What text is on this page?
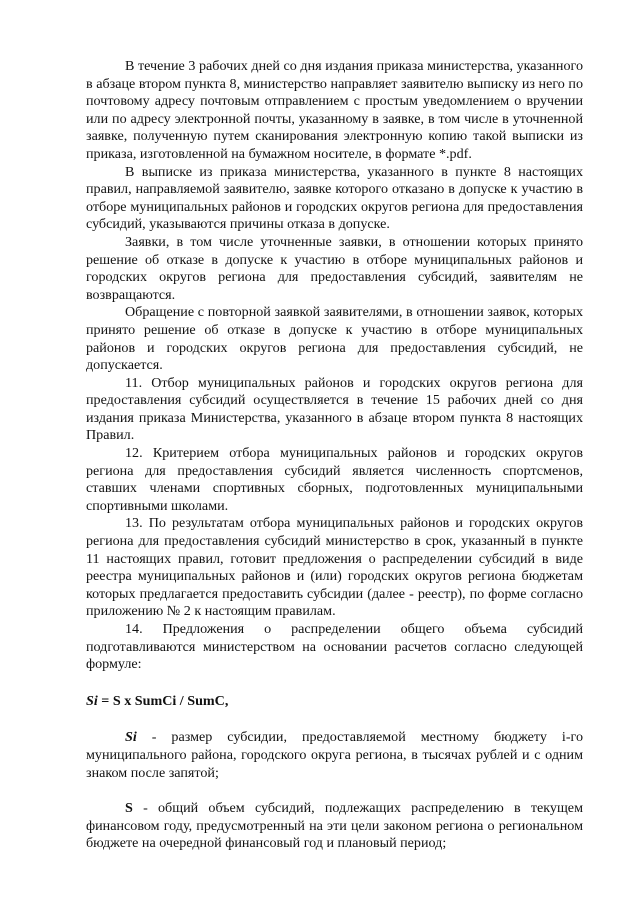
В течение 3 рабочих дней со дня издания приказа министерства, указанного в абзаце втором пункта 8, министерство направляет заявителю выписку из него по почтовому адресу почтовым отправлением с простым уведомлением о вручении или по адресу электронной почты, указанному в заявке, в том числе в уточненной заявке, полученную путем сканирования электронную копию такой выписки из приказа, изготовленной на бумажном носителе, в формате *.pdf.

В выписке из приказа министерства, указанного в пункте 8 настоящих правил, направляемой заявителю, заявке которого отказано в допуске к участию в отборе муниципальных районов и городских округов региона для предоставления субсидий, указываются причины отказа в допуске.

Заявки, в том числе уточненные заявки, в отношении которых принято решение об отказе в допуске к участию в отборе муниципальных районов и городских округов региона для предоставления субсидий, заявителям не возвращаются.

Обращение с повторной заявкой заявителями, в отношении заявок, которых принято решение об отказе в допуске к участию в отборе муниципальных районов и городских округов региона для предоставления субсидий, не допускается.

11. Отбор муниципальных районов и городских округов региона для предоставления субсидий осуществляется в течение 15 рабочих дней со дня издания приказа Министерства, указанного в абзаце втором пункта 8 настоящих Правил.

12. Критерием отбора муниципальных районов и городских округов региона для предоставления субсидий является численность спортсменов, ставших членами спортивных сборных, подготовленных муниципальными спортивными школами.

13. По результатам отбора муниципальных районов и городских округов региона для предоставления субсидий министерство в срок, указанный в пункте 11 настоящих правил, готовит предложения о распределении субсидий в виде реестра муниципальных районов и (или) городских округов региона бюджетам которых предлагается предоставить субсидии (далее - реестр), по форме согласно приложению № 2 к настоящим правилам.

14. Предложения о распределении общего объема субсидий подготавливаются министерством на основании расчетов согласно следующей формуле:

Si = S x SumCi / SumC,

Si - размер субсидии, предоставляемой местному бюджету i-го муниципального района, городского округа региона, в тысячах рублей и с одним знаком после запятой;

S - общий объем субсидий, подлежащих распределению в текущем финансовом году, предусмотренный на эти цели законом региона о региональном бюджете на очередной финансовый год и плановый период;
